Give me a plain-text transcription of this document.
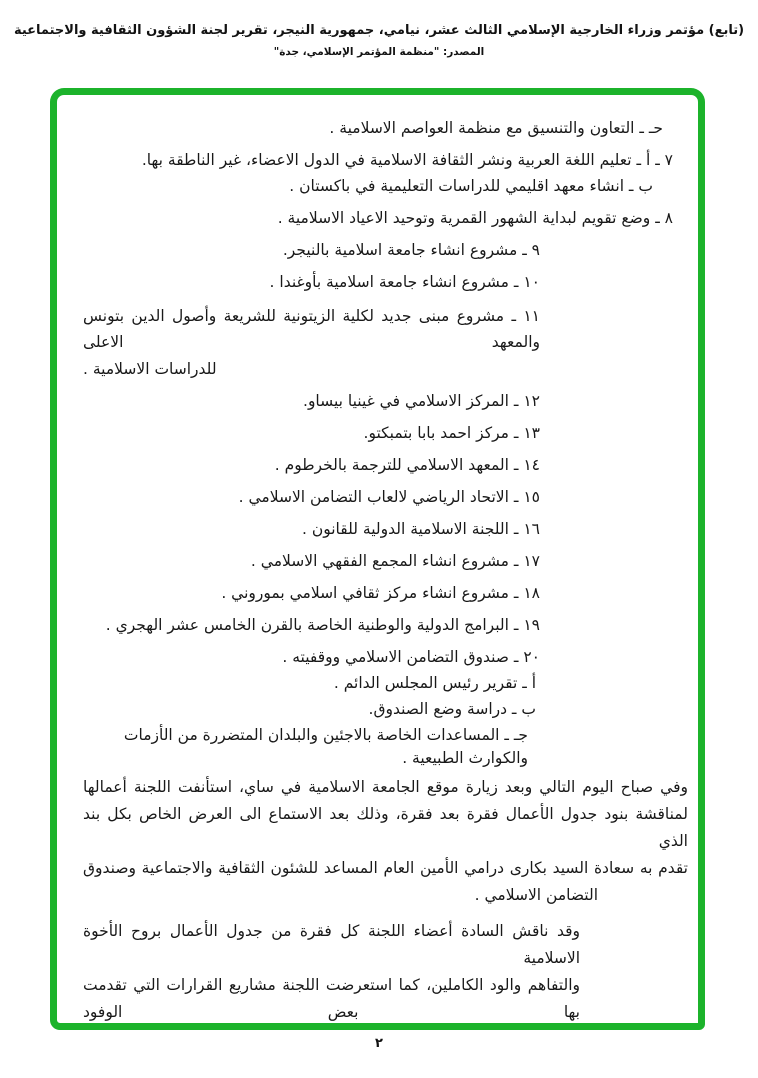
(تابع) مؤتمر وزراء الخارجية الإسلامي الثالث عشر، نيامي، جمهورية النيجر، تقرير لجنة الشؤون الثقافية والاجتماعية
المصدر: "منظمة المؤتمر الإسلامي، جدة"
حـ ـ التعاون والتنسيق مع منظمة العواصم الاسلامية .
٧ ـ أ ـ تعليم اللغة العربية ونشر الثقافة الاسلامية في الدول الاعضاء، غير الناطقة بها.
ب ـ انشاء معهد اقليمي للدراسات التعليمية في باكستان .
٨ ـ وضع تقويم لبداية الشهور القمرية وتوحيد الاعياد الاسلامية .
٩ ـ مشروع انشاء جامعة اسلامية بالنيجر.
١٠ ـ مشروع انشاء جامعة اسلامية بأوغندا .
١١ ـ مشروع مبنى جديد لكلية الزيتونية للشريعة وأصول الدين بتونس والمعهد الاعلى
للدراسات الاسلامية .
١٢ ـ المركز الاسلامي في غينيا بيساو.
١٣ ـ مركز احمد بابا بتمبكتو.
١٤ ـ المعهد الاسلامي للترجمة بالخرطوم .
١٥ ـ الاتحاد الرياضي لالعاب التضامن الاسلامي .
١٦ ـ اللجنة الاسلامية الدولية للقانون .
١٧ ـ مشروع انشاء المجمع الفقهي الاسلامي .
١٨ ـ مشروع انشاء مركز ثقافي اسلامي بموروني .
١٩ ـ البرامج الدولية والوطنية الخاصة بالقرن الخامس عشر الهجري .
٢٠ ـ صندوق التضامن الاسلامي ووقفيته .
أ ـ تقرير رئيس المجلس الدائم .
ب ـ دراسة وضع الصندوق.
جـ ـ المساعدات الخاصة بالاجئين والبلدان المتضررة من الأزمات والكوارث الطبيعية .
وفي صباح اليوم التالي وبعد زيارة موقع الجامعة الاسلامية في ساي، استأنفت اللجنة أعمالها
لمناقشة بنود جدول الأعمال فقرة بعد فقرة، وذلك بعد الاستماع الى العرض الخاص بكل بند الذي
تقدم به سعادة السيد بكارى درامي الأمين العام المساعد للشئون الثقافية والاجتماعية وصندوق
التضامن الاسلامي .
وقد ناقش السادة أعضاء اللجنة كل فقرة من جدول الأعمال بروح الأخوة الاسلامية
والتفاهم والود الكاملين، كما استعرضت اللجنة مشاريع القرارات التي تقدمت بها بعض الوفود
٢
